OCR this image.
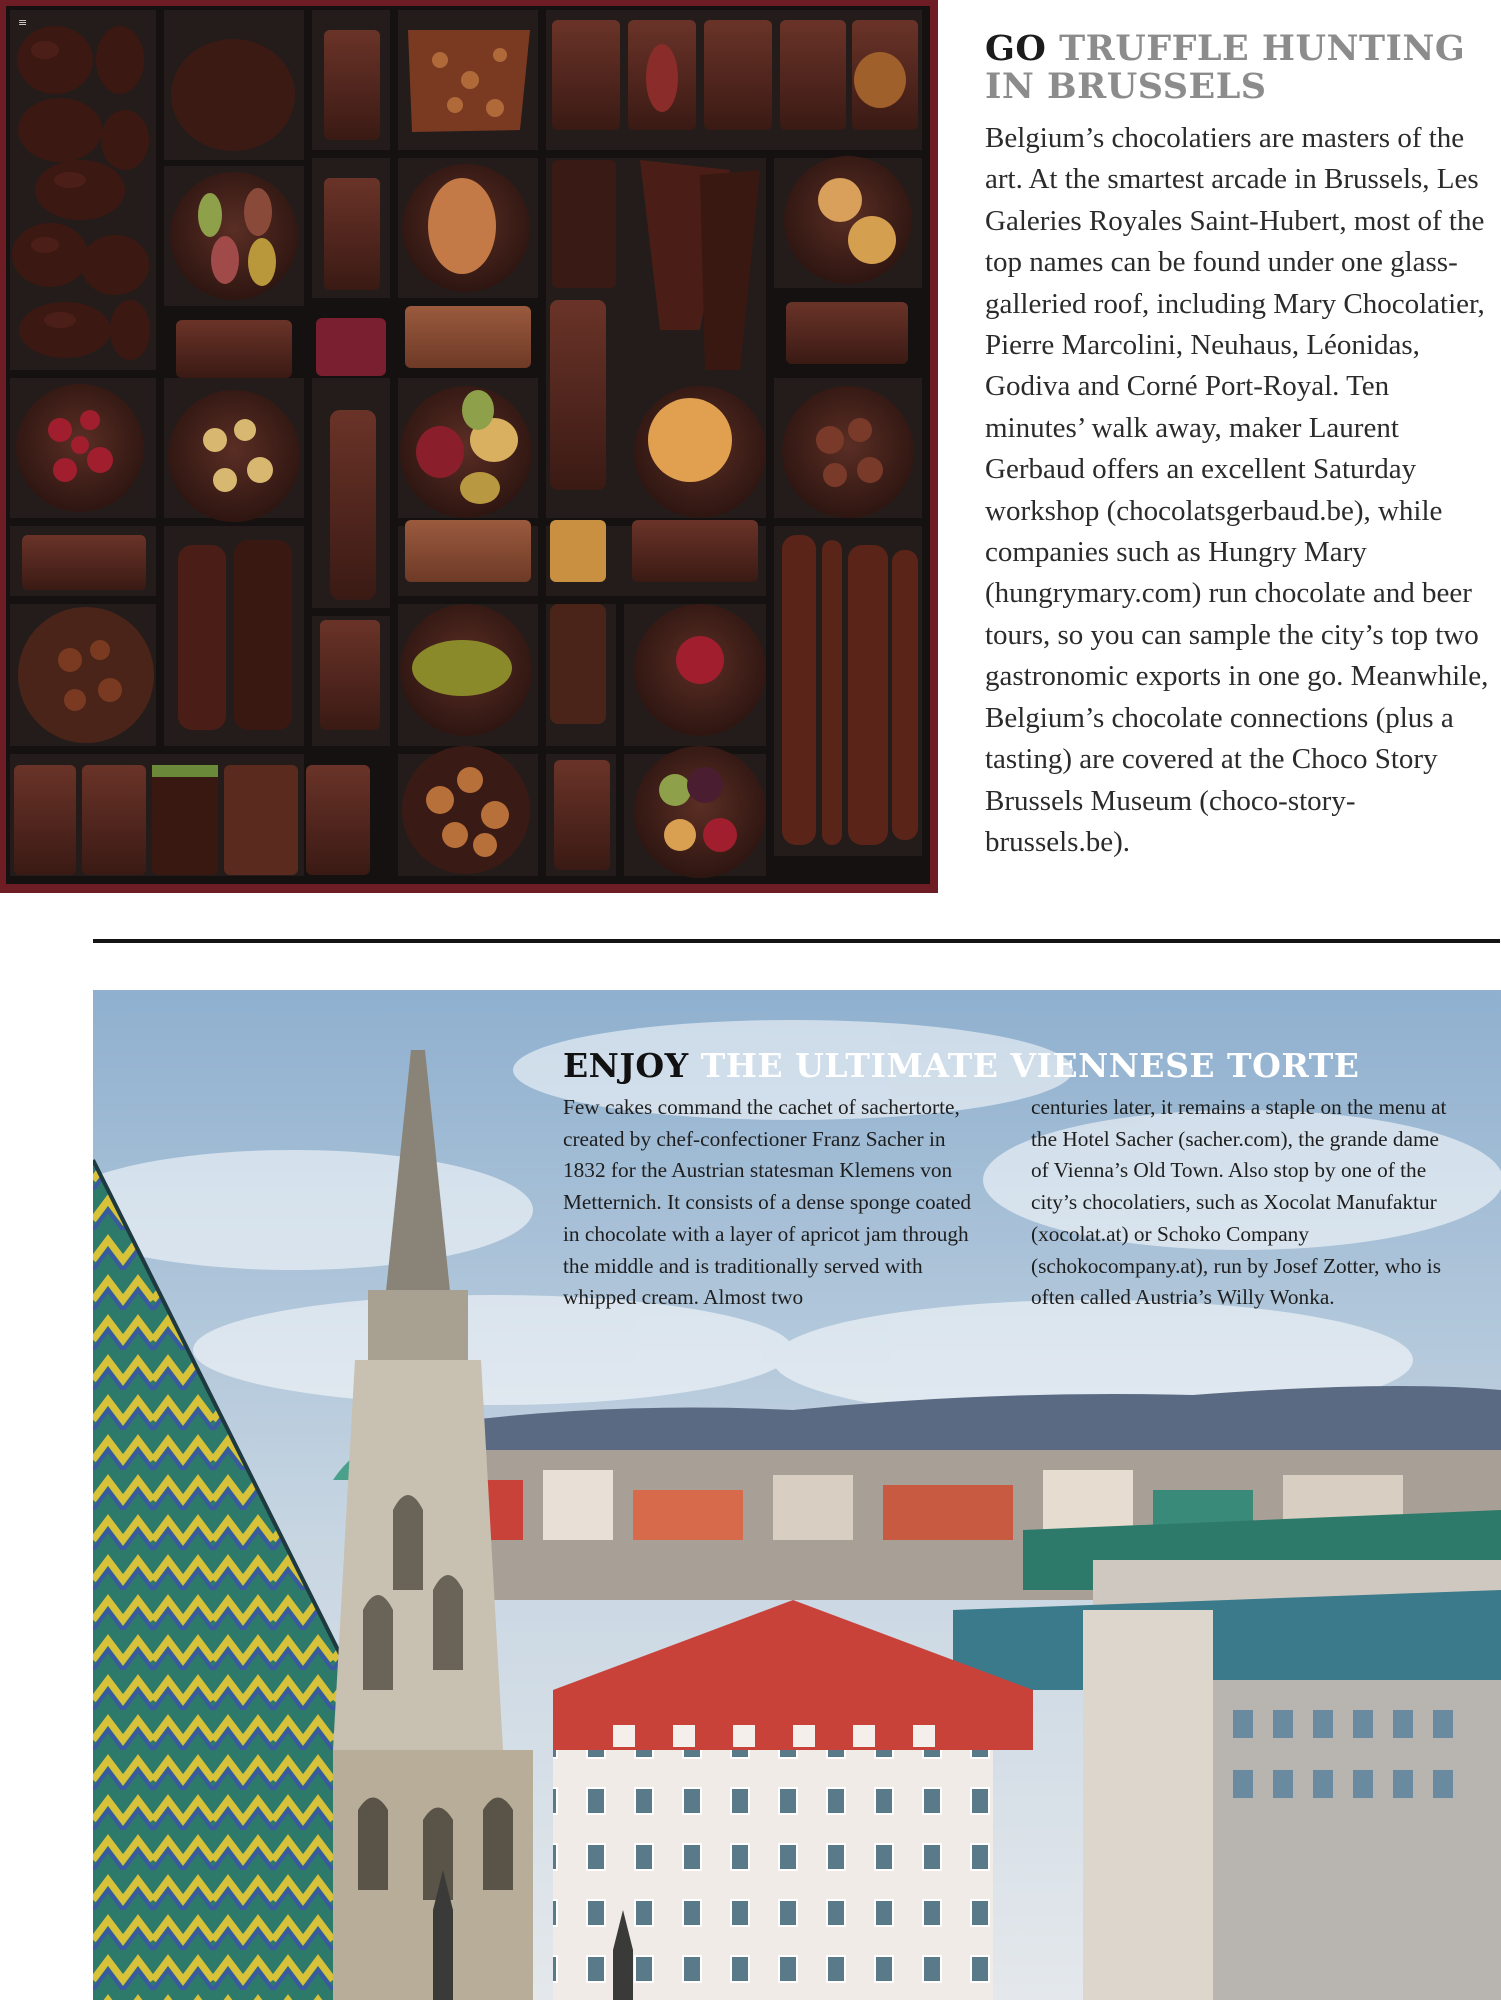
≡
GO TRUFFLE HUNTING IN BRUSSELS

Belgium’s chocolatiers are masters of the art. At the smartest arcade in Brussels, Les Galeries Royales Saint-Hubert, most of the top names can be found under one glass-galleried roof, including Mary Chocolatier, Pierre Marcolini, Neuhaus, Léonidas, Godiva and Corné Port-Royal. Ten minutes’ walk away, maker Laurent Gerbaud offers an excellent Saturday workshop (chocolatsgerbaud.be), while companies such as Hungry Mary (hungrymary.com) run chocolate and beer tours, so you can sample the city’s top two gastronomic exports in one go. Meanwhile, Belgium’s chocolate connections (plus a tasting) are covered at the Choco Story Brussels Museum (choco-story-brussels.be).

ENJOY THE ULTIMATE VIENNESE TORTE
Few cakes command the cachet of sachertorte, created by chef-confectioner Franz Sacher in 1832 for the Austrian statesman Klemens von Metternich. It consists of a dense sponge coated in chocolate with a layer of apricot jam through the middle and is traditionally served with whipped cream. Almost two
centuries later, it remains a staple on the menu at the Hotel Sacher (sacher.com), the grande dame of Vienna’s Old Town. Also stop by one of the city’s chocolatiers, such as Xocolat Manufaktur (xocolat.at) or Schoko Company (schokocompany.at), run by Josef Zotter, who is often called Austria’s Willy Wonka.
